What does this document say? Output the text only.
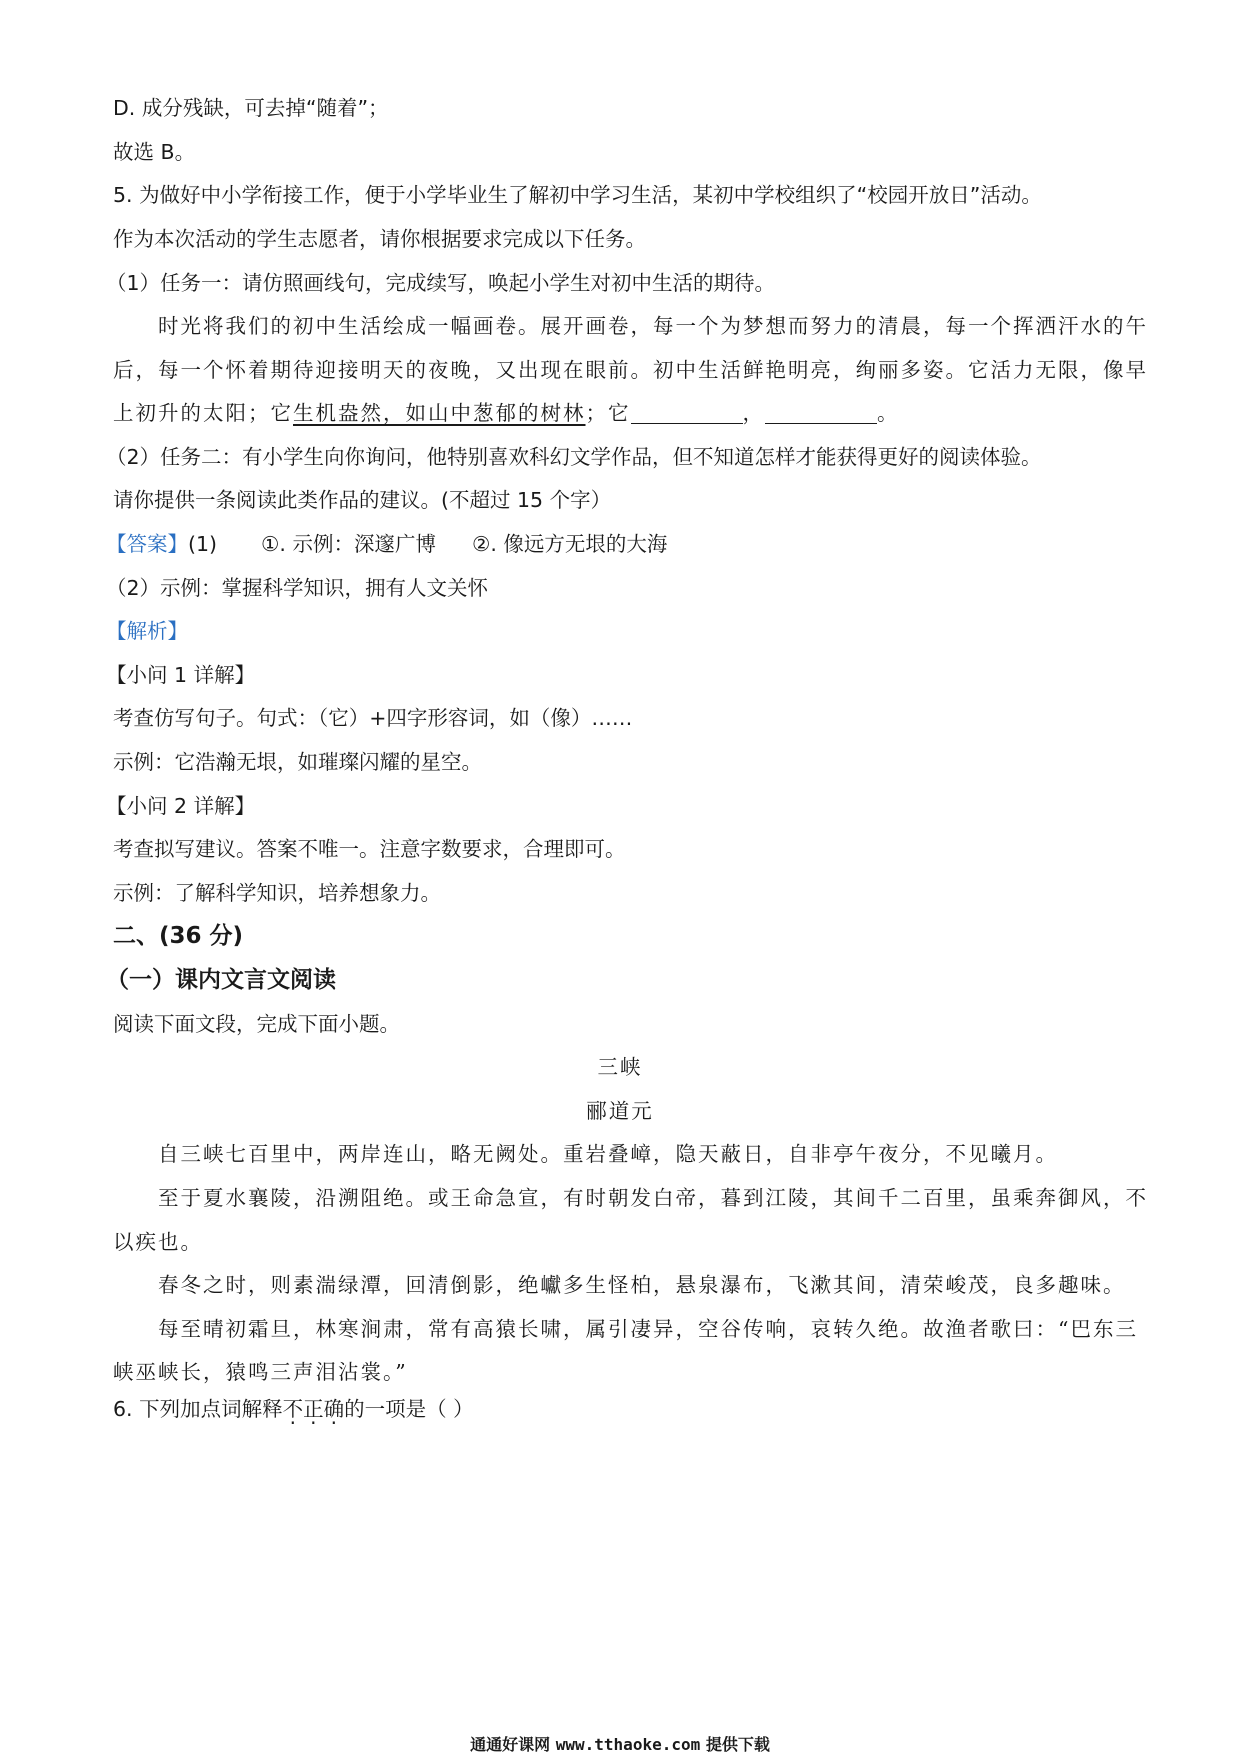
D. 成分残缺，可去掉“随着”；
故选 B。
5. 为做好中小学衔接工作，便于小学毕业生了解初中学习生活，某初中学校组织了“校园开放日”活动。
作为本次活动的学生志愿者，请你根据要求完成以下任务。
（1）任务一：请仿照画线句，完成续写，唤起小学生对初中生活的期待。
时光将我们的初中生活绘成一幅画卷。展开画卷，每一个为梦想而努力的清晨，每一个挥洒汗水的午
后，每一个怀着期待迎接明天的夜晚，又出现在眼前。初中生活鲜艳明亮，绚丽多姿。它活力无限，像早
上初升的太阳；它生机盎然，如山中葱郁的树林；它	，	。
（2）任务二：有小学生向你询问，他特别喜欢科幻文学作品，但不知道怎样才能获得更好的阅读体验。
请你提供一条阅读此类作品的建议。(不超过 15 个字）
【答案】(1) ①. 示例：深邃广博 ②. 像远方无垠的大海
（2）示例：掌握科学知识，拥有人文关怀
【解析】
【小问 1 详解】
考查仿写句子。句式：（它）+四字形容词，如（像）……
示例：它浩瀚无垠，如璀璨闪耀的星空。
【小问 2 详解】
考查拟写建议。答案不唯一。注意字数要求，合理即可。
示例：了解科学知识，培养想象力。
二、(36 分)
（一）课内文言文阅读
阅读下面文段，完成下面小题。
三峡
郦道元
自三峡七百里中，两岸连山，略无阙处。重岩叠嶂，隐天蔽日，自非亭午夜分，不见曦月。
至于夏水襄陵，沿溯阻绝。或王命急宣，有时朝发白帝，暮到江陵，其间千二百里，虽乘奔御风，不
以疾也。
春冬之时，则素湍绿潭，回清倒影，绝巘多生怪柏，悬泉瀑布，飞漱其间，清荣峻茂，良多趣味。
每至晴初霜旦，林寒涧肃，常有高猿长啸，属引凄异，空谷传响，哀转久绝。故渔者歌曰：“巴东三
峡巫峡长，猿鸣三声泪沾裳。”
6. 下列加点词解释不正确的一项是（ ）
通通好课网 www.tthaoke.com 提供下载
